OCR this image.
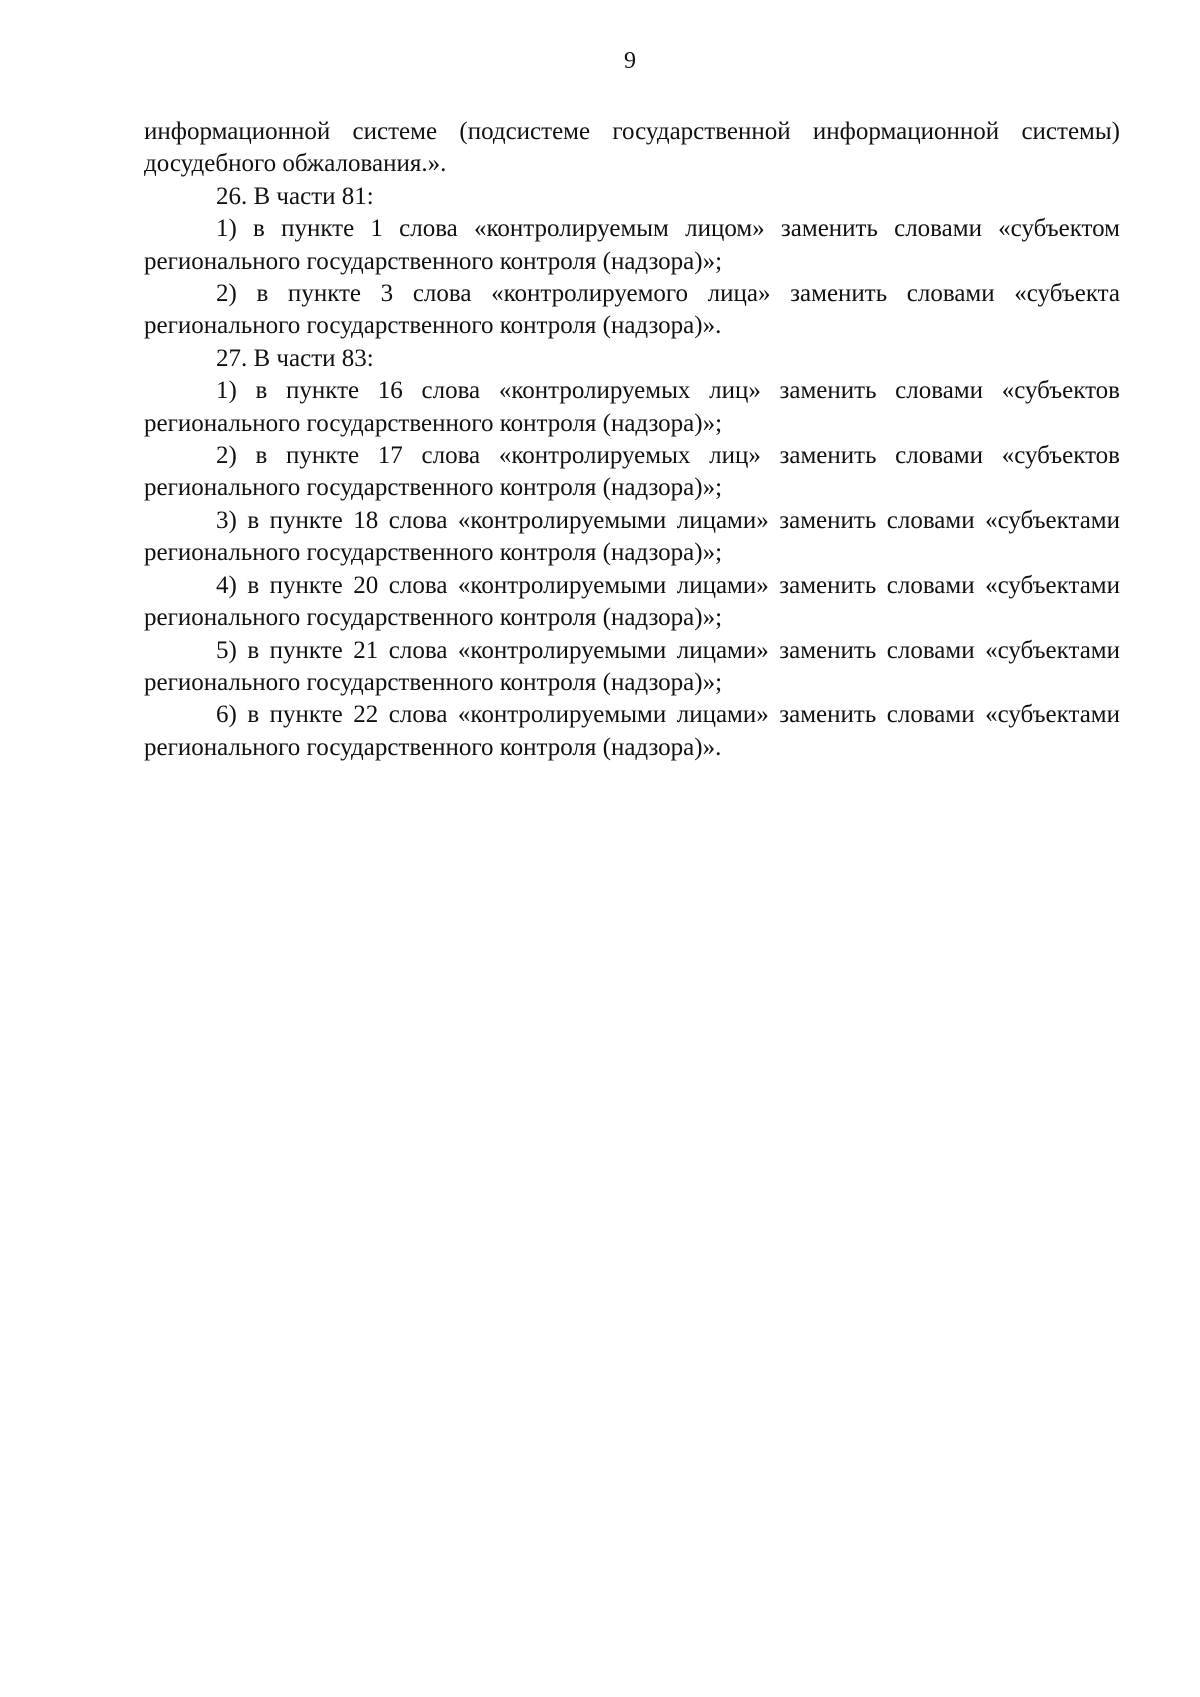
9

информационной системе (подсистеме государственной информационной системы) досудебного обжалования.».

26. В части 81:

1) в пункте 1 слова «контролируемым лицом» заменить словами «субъектом регионального государственного контроля (надзора)»;

2) в пункте 3 слова «контролируемого лица» заменить словами «субъекта регионального государственного контроля (надзора)».

27. В части 83:

1) в пункте 16 слова «контролируемых лиц» заменить словами «субъектов регионального государственного контроля (надзора)»;

2) в пункте 17 слова «контролируемых лиц» заменить словами «субъектов регионального государственного контроля (надзора)»;

3) в пункте 18 слова «контролируемыми лицами» заменить словами «субъектами регионального государственного контроля (надзора)»;

4) в пункте 20 слова «контролируемыми лицами» заменить словами «субъектами регионального государственного контроля (надзора)»;

5) в пункте 21 слова «контролируемыми лицами» заменить словами «субъектами регионального государственного контроля (надзора)»;

6) в пункте 22 слова «контролируемыми лицами» заменить словами «субъектами регионального государственного контроля (надзора)».
